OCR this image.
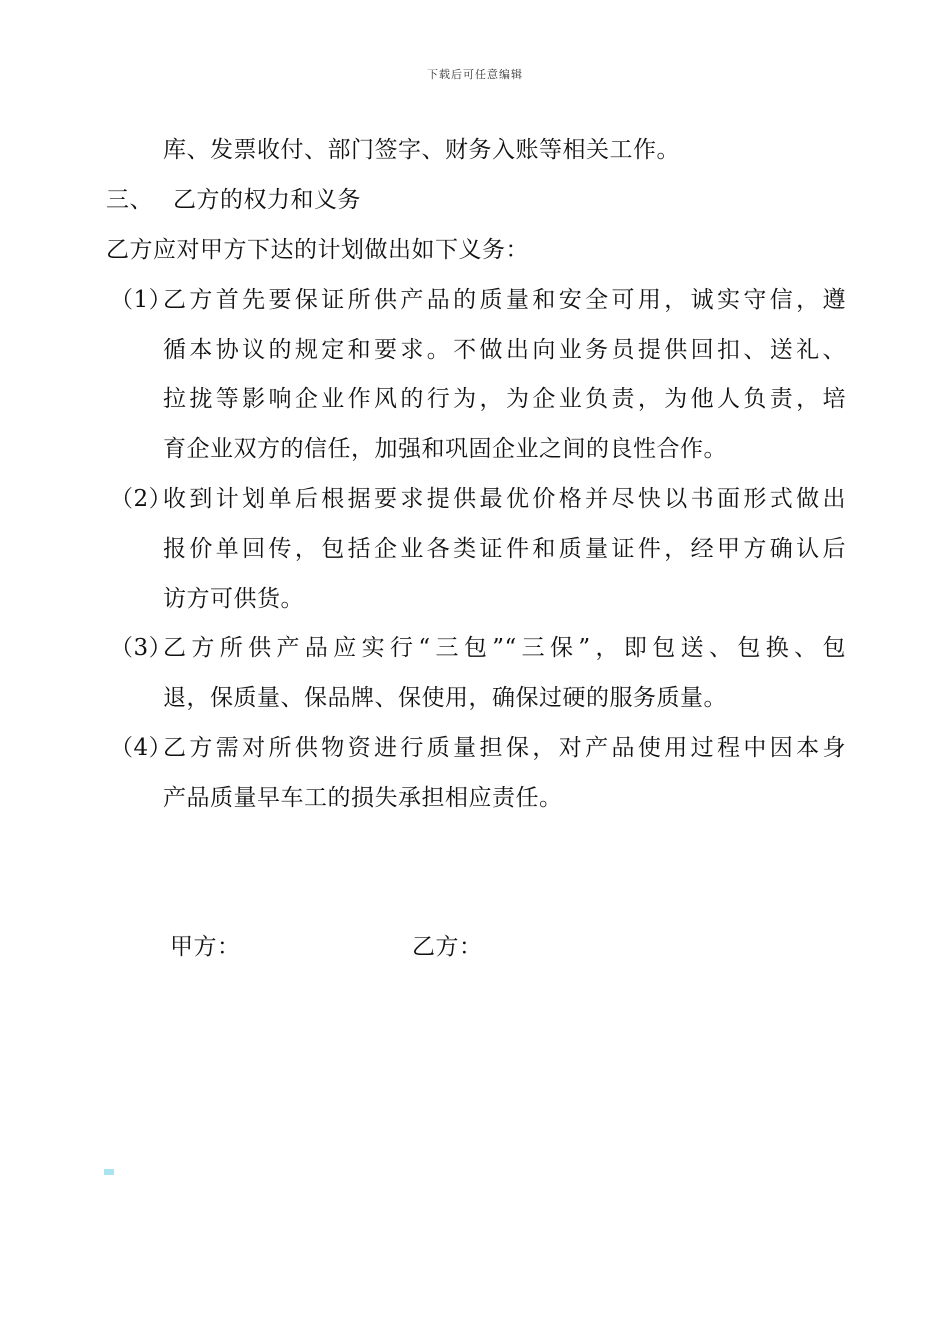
下载后可任意编辑
库、发票收付、部门签字、财务入账等相关工作。
三、 乙方的权力和义务
乙方应对甲方下达的计划做出如下义务：
（1）
乙方首先要保证所供产品的质量和安全可用，诚实守信，遵
循本协议的规定和要求。不做出向业务员提供回扣、送礼、
拉拢等影响企业作风的行为，为企业负责，为他人负责，培
育企业双方的信任，加强和巩固企业之间的良性合作。
（2）
收到计划单后根据要求提供最优价格并尽快以书面形式做出
报价单回传，包括企业各类证件和质量证件，经甲方确认后
访方可供货。
（3）
乙方所供产品应实行“三包”“三保”，即包送、包换、包
退，保质量、保品牌、保使用，确保过硬的服务质量。
（4）
乙方需对所供物资进行质量担保，对产品使用过程中因本身
产品质量早车工的损失承担相应责任。
甲方：	乙方：
